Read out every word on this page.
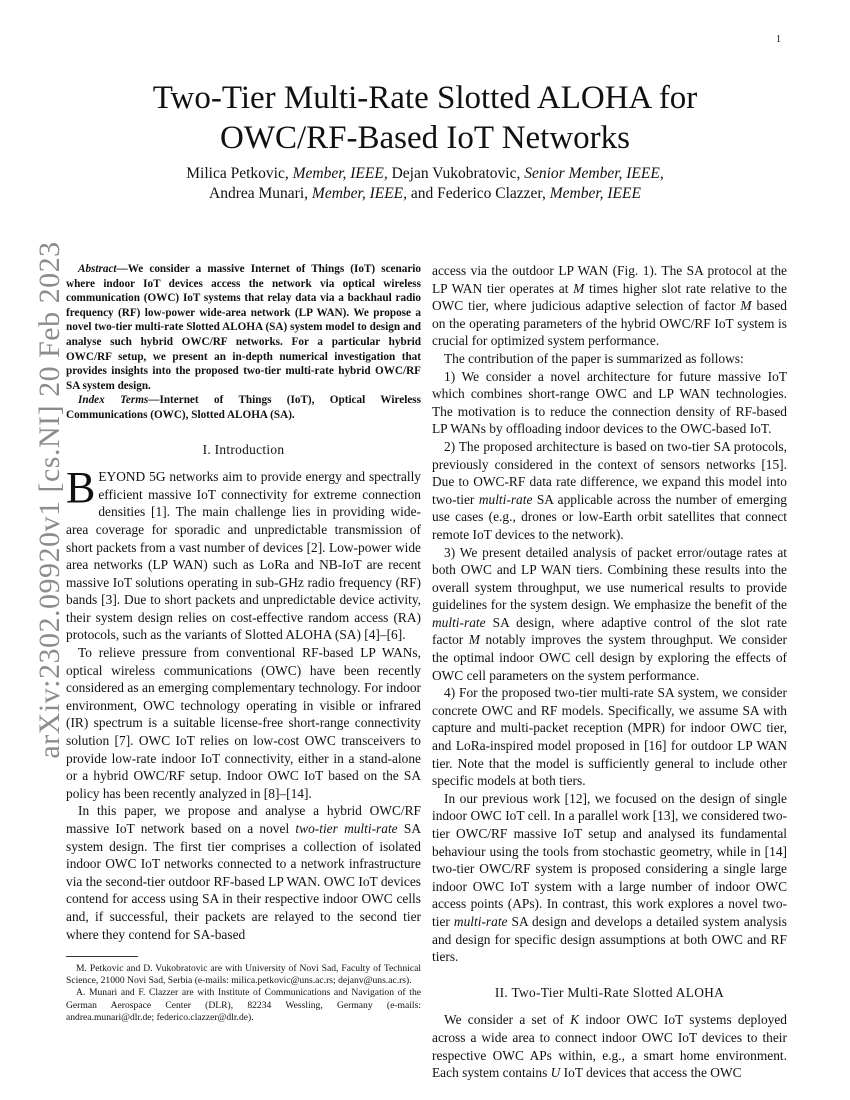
1
arXiv:2302.09920v1 [cs.NI] 20 Feb 2023
Two-Tier Multi-Rate Slotted ALOHA for
OWC/RF-Based IoT Networks
Milica Petkovic, Member, IEEE, Dejan Vukobratovic, Senior Member, IEEE,
Andrea Munari, Member, IEEE, and Federico Clazzer, Member, IEEE

Abstract—We consider a massive Internet of Things (IoT) scenario where indoor IoT devices access the network via optical wireless communication (OWC) IoT systems that relay data via a backhaul radio frequency (RF) low-power wide-area network (LP WAN). We propose a novel two-tier multi-rate Slotted ALOHA (SA) system model to design and analyse such hybrid OWC/RF networks. For a particular hybrid OWC/RF setup, we present an in-depth numerical investigation that provides insights into the proposed two-tier multi-rate hybrid OWC/RF SA system design.

Index Terms—Internet of Things (IoT), Optical Wireless Communications (OWC), Slotted ALOHA (SA).

I. Introduction

BEYOND 5G networks aim to provide energy and spectrally efficient massive IoT connectivity for extreme connection densities [1]. The main challenge lies in providing wide-area coverage for sporadic and unpredictable transmission of short packets from a vast number of devices [2]. Low-power wide area networks (LP WAN) such as LoRa and NB-IoT are recent massive IoT solutions operating in sub-GHz radio frequency (RF) bands [3]. Due to short packets and unpredictable device activity, their system design relies on cost-effective random access (RA) protocols, such as the variants of Slotted ALOHA (SA) [4]–[6].

To relieve pressure from conventional RF-based LP WANs, optical wireless communications (OWC) have been recently considered as an emerging complementary technology. For indoor environment, OWC technology operating in visible or infrared (IR) spectrum is a suitable license-free short-range connectivity solution [7]. OWC IoT relies on low-cost OWC transceivers to provide low-rate indoor IoT connectivity, either in a stand-alone or a hybrid OWC/RF setup. Indoor OWC IoT based on the SA policy has been recently analyzed in [8]–[14].

In this paper, we propose and analyse a hybrid OWC/RF massive IoT network based on a novel two-tier multi-rate SA system design. The first tier comprises a collection of isolated indoor OWC IoT networks connected to a network infrastructure via the second-tier outdoor RF-based LP WAN. OWC IoT devices contend for access using SA in their respective indoor OWC cells and, if successful, their packets are relayed to the second tier where they contend for SA-based

M. Petkovic and D. Vukobratovic are with University of Novi Sad, Faculty of Technical Science, 21000 Novi Sad, Serbia (e-mails: milica.petkovic@uns.ac.rs; dejanv@uns.ac.rs).

A. Munari and F. Clazzer are with Institute of Communications and Navigation of the German Aerospace Center (DLR), 82234 Wessling, Germany (e-mails: andrea.munari@dlr.de; federico.clazzer@dlr.de).

access via the outdoor LP WAN (Fig. 1). The SA protocol at the LP WAN tier operates at M times higher slot rate relative to the OWC tier, where judicious adaptive selection of factor M based on the operating parameters of the hybrid OWC/RF IoT system is crucial for optimized system performance.

The contribution of the paper is summarized as follows:

1) We consider a novel architecture for future massive IoT which combines short-range OWC and LP WAN technologies. The motivation is to reduce the connection density of RF-based LP WANs by offloading indoor devices to the OWC-based IoT.

2) The proposed architecture is based on two-tier SA protocols, previously considered in the context of sensors networks [15]. Due to OWC-RF data rate difference, we expand this model into two-tier multi-rate SA applicable across the number of emerging use cases (e.g., drones or low-Earth orbit satellites that connect remote IoT devices to the network).

3) We present detailed analysis of packet error/outage rates at both OWC and LP WAN tiers. Combining these results into the overall system throughput, we use numerical results to provide guidelines for the system design. We emphasize the benefit of the multi-rate SA design, where adaptive control of the slot rate factor M notably improves the system throughput. We consider the optimal indoor OWC cell design by exploring the effects of OWC cell parameters on the system performance.

4) For the proposed two-tier multi-rate SA system, we consider concrete OWC and RF models. Specifically, we assume SA with capture and multi-packet reception (MPR) for indoor OWC tier, and LoRa-inspired model proposed in [16] for outdoor LP WAN tier. Note that the model is sufficiently general to include other specific models at both tiers.

In our previous work [12], we focused on the design of single indoor OWC IoT cell. In a parallel work [13], we considered two-tier OWC/RF massive IoT setup and analysed its fundamental behaviour using the tools from stochastic geometry, while in [14] two-tier OWC/RF system is proposed considering a single large indoor OWC IoT system with a large number of indoor OWC access points (APs). In contrast, this work explores a novel two-tier multi-rate SA design and develops a detailed system analysis and design for specific design assumptions at both OWC and RF tiers.

II. Two-Tier Multi-Rate Slotted ALOHA

We consider a set of K indoor OWC IoT systems deployed across a wide area to connect indoor OWC IoT devices to their respective OWC APs within, e.g., a smart home environment. Each system contains U IoT devices that access the OWC
